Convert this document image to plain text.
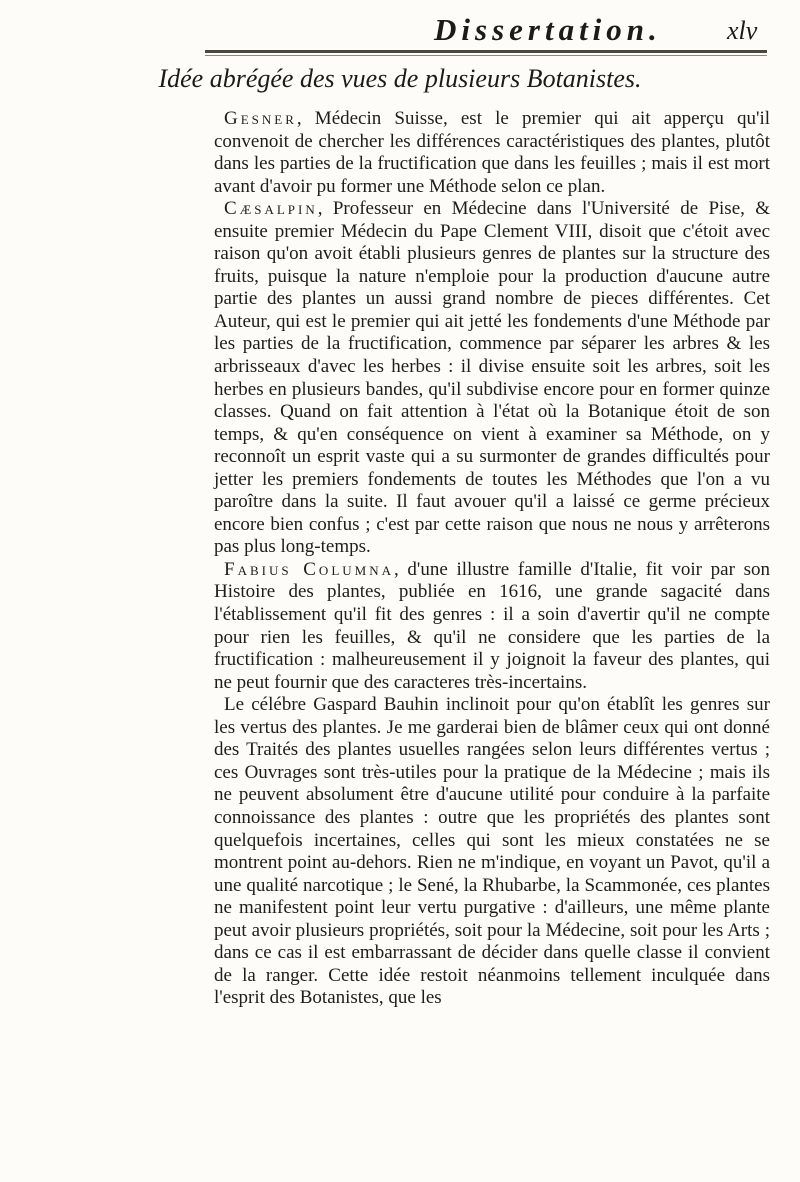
Dissertation.	xlv
Idée abrégée des vues de plusieurs Botanistes.

Gesner, Médecin Suisse, est le premier qui ait apperçu qu'il convenoit de chercher les différences caractéristiques des plantes, plutôt dans les parties de la fructification que dans les feuilles ; mais il est mort avant d'avoir pu former une Méthode selon ce plan.

Cæsalpin, Professeur en Médecine dans l'Université de Pise, & ensuite premier Médecin du Pape Clement VIII, disoit que c'étoit avec raison qu'on avoit établi plusieurs genres de plantes sur la structure des fruits, puisque la nature n'emploie pour la production d'aucune autre partie des plantes un aussi grand nombre de pieces différentes. Cet Auteur, qui est le premier qui ait jetté les fondements d'une Méthode par les parties de la fructification, commence par séparer les arbres & les arbrisseaux d'avec les herbes : il divise ensuite soit les arbres, soit les herbes en plusieurs bandes, qu'il subdivise encore pour en former quinze classes. Quand on fait attention à l'état où la Botanique étoit de son temps, & qu'en conséquence on vient à examiner sa Méthode, on y reconnoît un esprit vaste qui a su surmonter de grandes difficultés pour jetter les premiers fondements de toutes les Méthodes que l'on a vu paroître dans la suite. Il faut avouer qu'il a laissé ce germe précieux encore bien confus ; c'est par cette raison que nous ne nous y arrêterons pas plus long-temps.

Fabius Columna, d'une illustre famille d'Italie, fit voir par son Histoire des plantes, publiée en 1616, une grande sagacité dans l'établissement qu'il fit des genres : il a soin d'avertir qu'il ne compte pour rien les feuilles, & qu'il ne considere que les parties de la fructification : malheureusement il y joignoit la faveur des plantes, qui ne peut fournir que des caracteres très-incertains.

Le célébre Gaspard Bauhin inclinoit pour qu'on établît les genres sur les vertus des plantes. Je me garderai bien de blâmer ceux qui ont donné des Traités des plantes usuelles rangées selon leurs différentes vertus ; ces Ouvrages sont très-utiles pour la pratique de la Médecine ; mais ils ne peuvent absolument être d'aucune utilité pour conduire à la parfaite connoissance des plantes : outre que les propriétés des plantes sont quelquefois incertaines, celles qui sont les mieux constatées ne se montrent point au-dehors. Rien ne m'indique, en voyant un Pavot, qu'il a une qualité narcotique ; le Sené, la Rhubarbe, la Scammonée, ces plantes ne manifestent point leur vertu purgative : d'ailleurs, une même plante peut avoir plusieurs propriétés, soit pour la Médecine, soit pour les Arts ; dans ce cas il est embarrassant de décider dans quelle classe il convient de la ranger. Cette idée restoit néanmoins tellement inculquée dans l'esprit des Botanistes, que les
